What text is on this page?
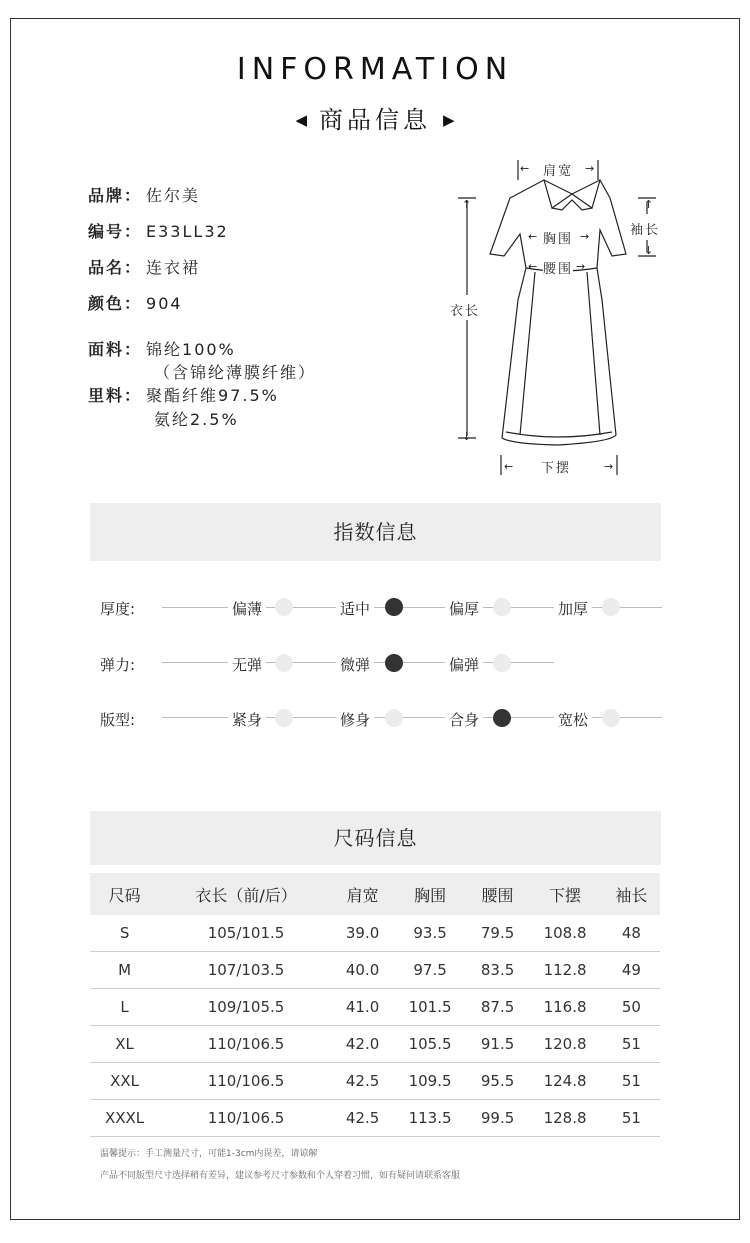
INFORMATION
◀ 商品信息 ▶
品牌： 佐尔美
编号： E33LL32
品名： 连衣裙
颜色： 904
面料： 锦纶100%
（含锦纶薄膜纤维）
里料： 聚酯纤维97.5%
氨纶2.5%
←	→
↑
↓
↑
↓
←	→
←	→
←	→
肩宽
袖长
胸围
腰围
衣长
下摆
指数信息
厚度:	偏薄	适中	偏厚	加厚
弹力:	无弹	微弹	偏弹
版型:	紧身	修身	合身	宽松
尺码信息
尺码	衣长（前/后）	肩宽	胸围	腰围	下摆	袖长
S	105/101.5	39.0	93.5	79.5	108.8	48
M	107/103.5	40.0	97.5	83.5	112.8	49
L	109/105.5	41.0	101.5	87.5	116.8	50
XL	110/106.5	42.0	105.5	91.5	120.8	51
XXL	110/106.5	42.5	109.5	95.5	124.8	51
XXXL	110/106.5	42.5	113.5	99.5	128.8	51
温馨提示：手工测量尺寸，可能1-3cm内误差，请谅解
产品不同版型尺寸选择稍有差异，建议参考尺寸参数和个人穿着习惯，如有疑问请联系客服
